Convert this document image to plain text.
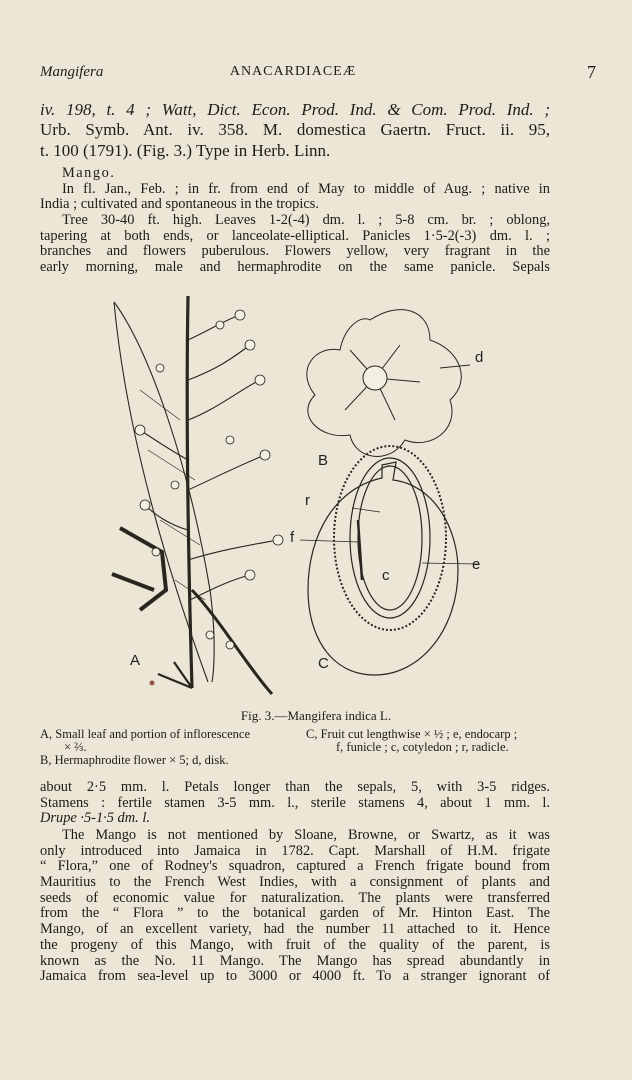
Mangifera	ANACARDIACEÆ	7
iv. 198, t. 4 ; Watt, Dict. Econ. Prod. Ind. & Com. Prod. Ind. ;
Urb. Symb. Ant. iv. 358. M. domestica Gaertn. Fruct. ii. 95,
t. 100 (1791). (Fig. 3.) Type in Herb. Linn.
Mango.
In fl. Jan., Feb. ; in fr. from end of May to middle of Aug. ; native in
India ; cultivated and spontaneous in the tropics.
Tree 30-40 ft. high. Leaves 1-2(-4) dm. l. ; 5-8 cm. br. ; oblong,
tapering at both ends, or lanceolate-elliptical. Panicles 1·5-2(-3) dm. l. ;
branches and flowers puberulous. Flowers yellow, very fragrant in the
early morning, male and hermaphrodite on the same panicle. Sepals
A
B
d
r
f
c
e
C
Fig. 3.—Mangifera indica L.
A, Small leaf and portion of inflorescence
× ⅔.
B, Hermaphrodite flower × 5; d, disk.
C, Fruit cut lengthwise × ½ ; e, endocarp ;
f, funicle ; c, cotyledon ; r, radicle.
about 2·5 mm. l. Petals longer than the sepals, 5, with 3-5 ridges.
Stamens : fertile stamen 3-5 mm. l., sterile stamens 4, about 1 mm. l.
Drupe ·5-1·5 dm. l.
The Mango is not mentioned by Sloane, Browne, or Swartz, as it was
only introduced into Jamaica in 1782. Capt. Marshall of H.M. frigate
“ Flora,” one of Rodney's squadron, captured a French frigate bound from
Mauritius to the French West Indies, with a consignment of plants and
seeds of economic value for naturalization. The plants were transferred
from the “ Flora ” to the botanical garden of Mr. Hinton East. The
Mango, of an excellent variety, had the number 11 attached to it. Hence
the progeny of this Mango, with fruit of the quality of the parent, is
known as the No. 11 Mango. The Mango has spread abundantly in
Jamaica from sea-level up to 3000 or 4000 ft. To a stranger ignorant of
